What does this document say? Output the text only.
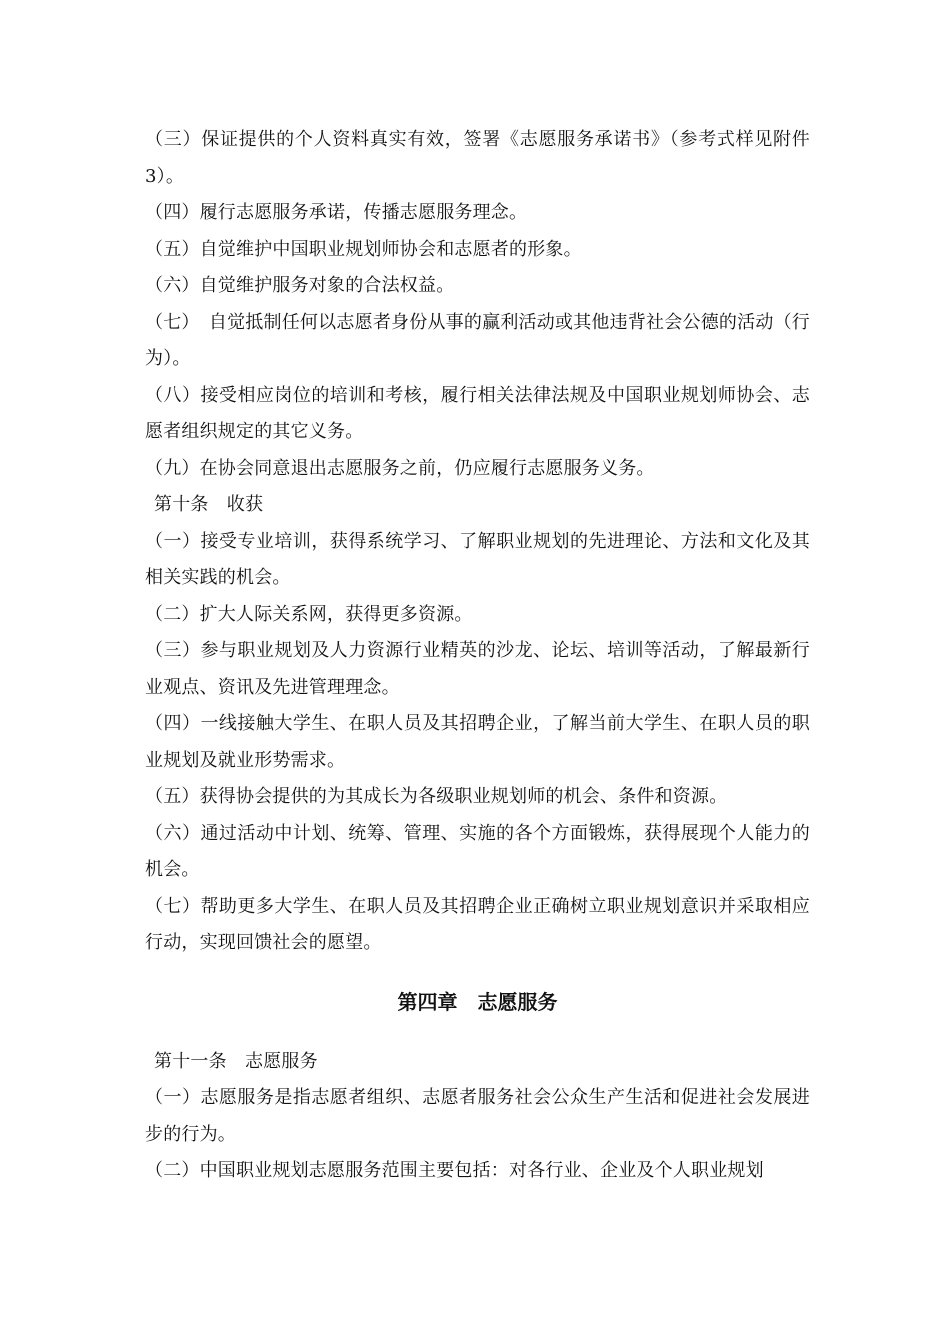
（三）保证提供的个人资料真实有效，签署《志愿服务承诺书》（参考式样见附件 3）。

（四）履行志愿服务承诺，传播志愿服务理念。

（五）自觉维护中国职业规划师协会和志愿者的形象。

（六）自觉维护服务对象的合法权益。

（七）　自觉抵制任何以志愿者身份从事的赢利活动或其他违背社会公德的活动（行为）。

（八）接受相应岗位的培训和考核，履行相关法律法规及中国职业规划师协会、志愿者组织规定的其它义务。

（九）在协会同意退出志愿服务之前，仍应履行志愿服务义务。

第十条　收获

（一）接受专业培训，获得系统学习、了解职业规划的先进理论、方法和文化及其相关实践的机会。

（二）扩大人际关系网，获得更多资源。

（三）参与职业规划及人力资源行业精英的沙龙、论坛、培训等活动，了解最新行业观点、资讯及先进管理理念。

（四）一线接触大学生、在职人员及其招聘企业，了解当前大学生、在职人员的职业规划及就业形势需求。

（五）获得协会提供的为其成长为各级职业规划师的机会、条件和资源。

（六）通过活动中计划、统筹、管理、实施的各个方面锻炼，获得展现个人能力的机会。

（七）帮助更多大学生、在职人员及其招聘企业正确树立职业规划意识并采取相应行动，实现回馈社会的愿望。

第四章　志愿服务

第十一条　志愿服务

（一）志愿服务是指志愿者组织、志愿者服务社会公众生产生活和促进社会发展进步的行为。

（二）中国职业规划志愿服务范围主要包括：对各行业、企业及个人职业规划
